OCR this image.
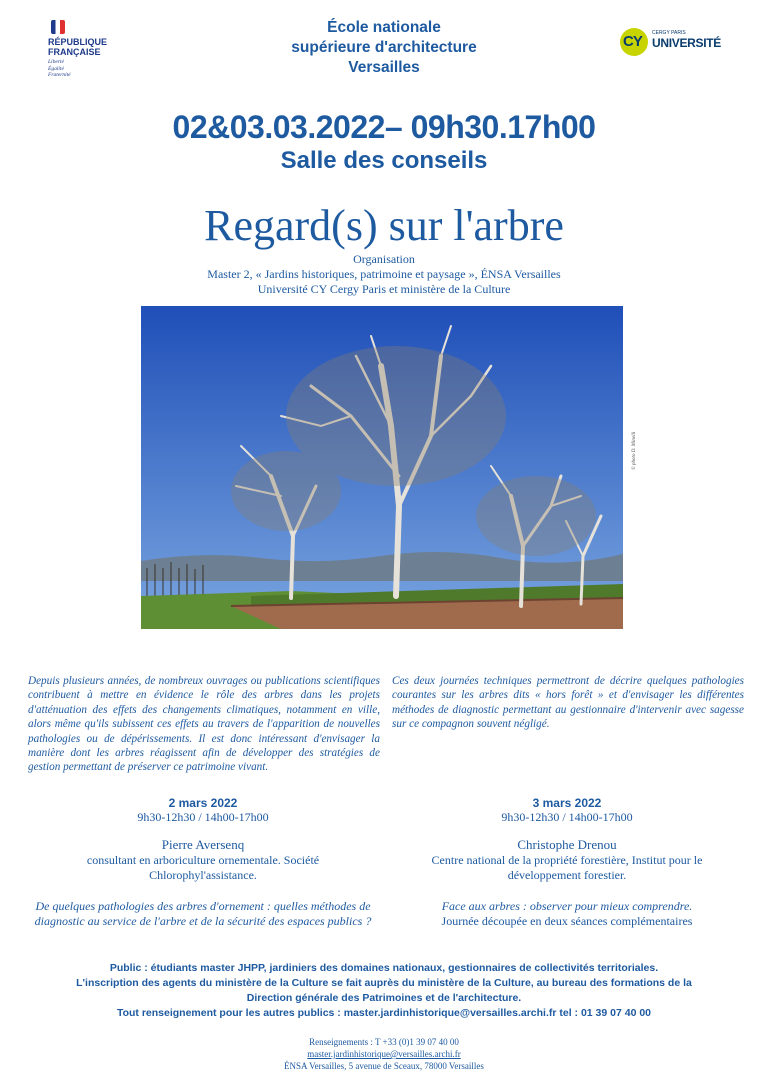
RÉPUBLIQUE
FRANÇAISE
Liberté
Égalité
Fraternité
École nationale
supérieure d'architecture
Versailles
CY CERGY PARIS
UNIVERSITÉ
02&03.03.2022– 09h30.17h00
Salle des conseils
Regard(s) sur l'arbre
Organisation
Master 2, « Jardins historiques, patrimoine et paysage », ÉNSA Versailles
Université CY Cergy Paris et ministère de la Culture
© photo D. Minelli
Depuis plusieurs années, de nombreux ouvrages ou publications scientifiques contribuent à mettre en évidence le rôle des arbres dans les projets d'atténuation des effets des changements climatiques, notamment en ville, alors même qu'ils subissent ces effets au travers de l'apparition de nouvelles pathologies ou de dépérissements. Il est donc intéressant d'envisager la manière dont les arbres réagissent afin de développer des stratégies de gestion permettant de préserver ce patrimoine vivant.
Ces deux journées techniques permettront de décrire quelques pathologies courantes sur les arbres dits « hors forêt » et d'envisager les différentes méthodes de diagnostic permettant au gestionnaire d'intervenir avec sagesse sur ce compagnon souvent négligé.
2 mars 2022
9h30-12h30 / 14h00-17h00
Pierre Aversenq
consultant en arboriculture ornementale. Société Chlorophyl'assistance.
De quelques pathologies des arbres d'ornement : quelles méthodes de
diagnostic au service de l'arbre et de la sécurité des espaces publics ?
3 mars 2022
9h30-12h30 / 14h00-17h00
Christophe Drenou
Centre national de la propriété forestière, Institut pour le développement forestier.
Face aux arbres : observer pour mieux comprendre.
Journée découpée en deux séances complémentaires
Public : étudiants master JHPP, jardiniers des domaines nationaux, gestionnaires de collectivités territoriales.
L'inscription des agents du ministère de la Culture se fait auprès du ministère de la Culture, au bureau des formations de la
Direction générale des Patrimoines et de l'architecture.
Tout renseignement pour les autres publics : master.jardinhistorique@versailles.archi.fr tel : 01 39 07 40 00
Renseignements : T +33 (0)1 39 07 40 00
master.jardinhistorique@versailles.archi.fr
ÉNSA Versailles, 5 avenue de Sceaux, 78000 Versailles
